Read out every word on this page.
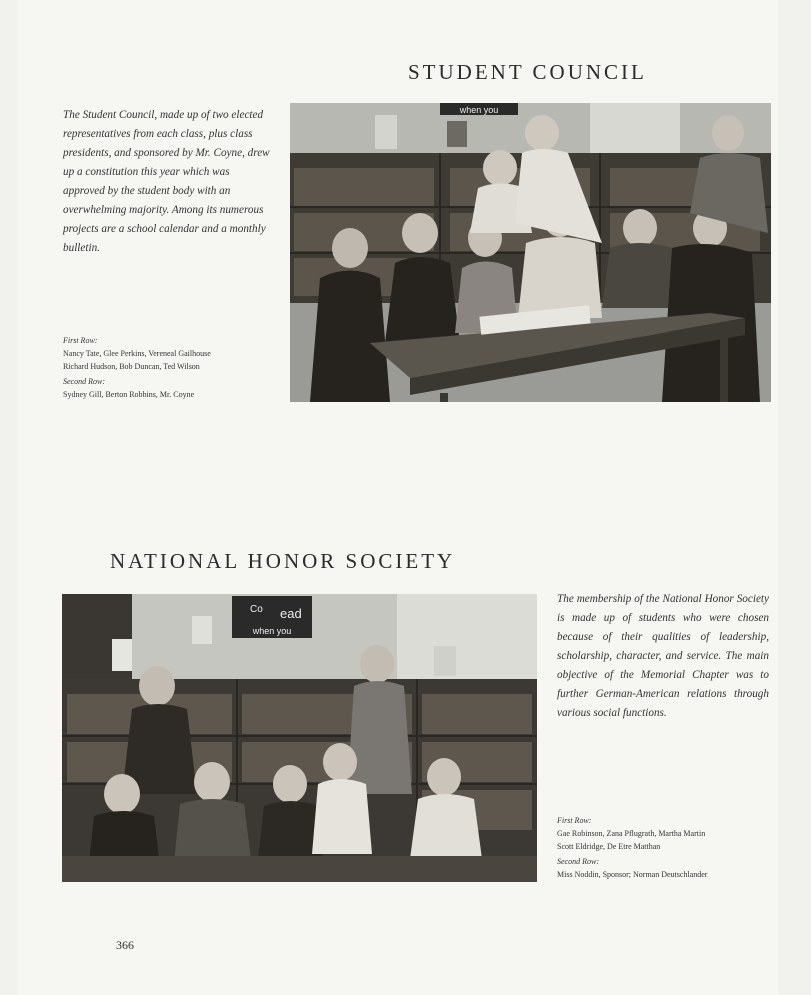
STUDENT COUNCIL

The Student Council, made up of two elected representatives from each class, plus class presidents, and sponsored by Mr. Coyne, drew up a constitution this year which was approved by the student body with an overwhelming majority. Among its numerous projects are a school calendar and a monthly bulletin.

First Row:
Nancy Tate, Glee Perkins, Vereneal Gailhouse
Richard Hudson, Bob Duncan, Ted Wilson
Second Row:
Sydney Gill, Berton Robbins, Mr. Coyne
when you
NATIONAL HONOR SOCIETY
Co ead
when you

The membership of the National Honor Society is made up of students who were chosen because of their qualities of leadership, scholarship, character, and service. The main objective of the Memorial Chapter was to further German-American relations through various social functions.

First Row:
Gae Robinson, Zana Pflugrath, Martha Martin
Scott Eldridge, De Etre Matthan
Second Row:
Miss Noddin, Sponsor; Norman Deutschlander
366
